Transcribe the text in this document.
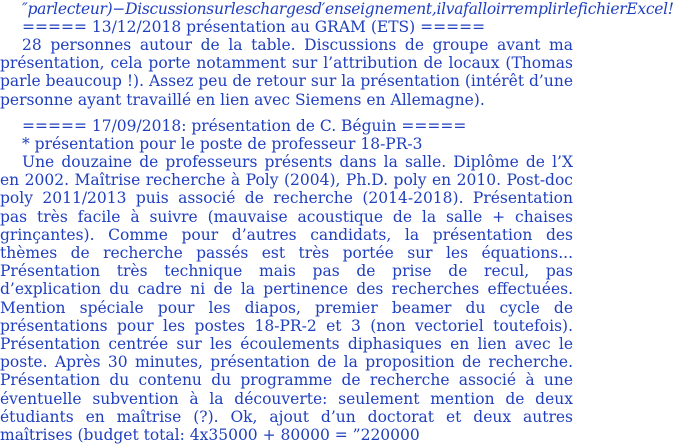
″parlecteur)−Discussionsurleschargesd′enseignement,ilvafalloirremplirlefichierExcel!
===== 13/12/2018 présentation au GRAM (ETS) =====
28 personnes autour de la table. Discussions de groupe avant ma présentation, cela porte notamment sur l’attribution de locaux (Thomas parle beaucoup !). Assez peu de retour sur la présentation (intérêt d’une personne ayant travaillé en lien avec Siemens en Allemagne).
===== 17/09/2018: présentation de C. Béguin =====
* présentation pour le poste de professeur 18-PR-3
Une douzaine de professeurs présents dans la salle. Diplôme de l’X en 2002. Maîtrise recherche à Poly (2004), Ph.D. poly en 2010. Post-doc poly 2011/2013 puis associé de recherche (2014-2018). Présentation pas très facile à suivre (mauvaise acoustique de la salle + chaises grinçantes). Comme pour d’autres candidats, la présentation des thèmes de recherche passés est très portée sur les équations... Présentation très technique mais pas de prise de recul, pas d’explication du cadre ni de la pertinence des recherches effectuées. Mention spéciale pour les diapos, premier beamer du cycle de présentations pour les postes 18-PR-2 et 3 (non vectoriel toutefois). Présentation centrée sur les écoulements diphasiques en lien avec le poste. Après 30 minutes, présentation de la proposition de recherche. Présentation du contenu du programme de recherche associé à une éventuelle subvention à la découverte: seulement mention de deux étudiants en maîtrise (?). Ok, ajout d’un doctorat et deux autres maîtrises (budget total: 4x35000 + 80000 = ”220000
